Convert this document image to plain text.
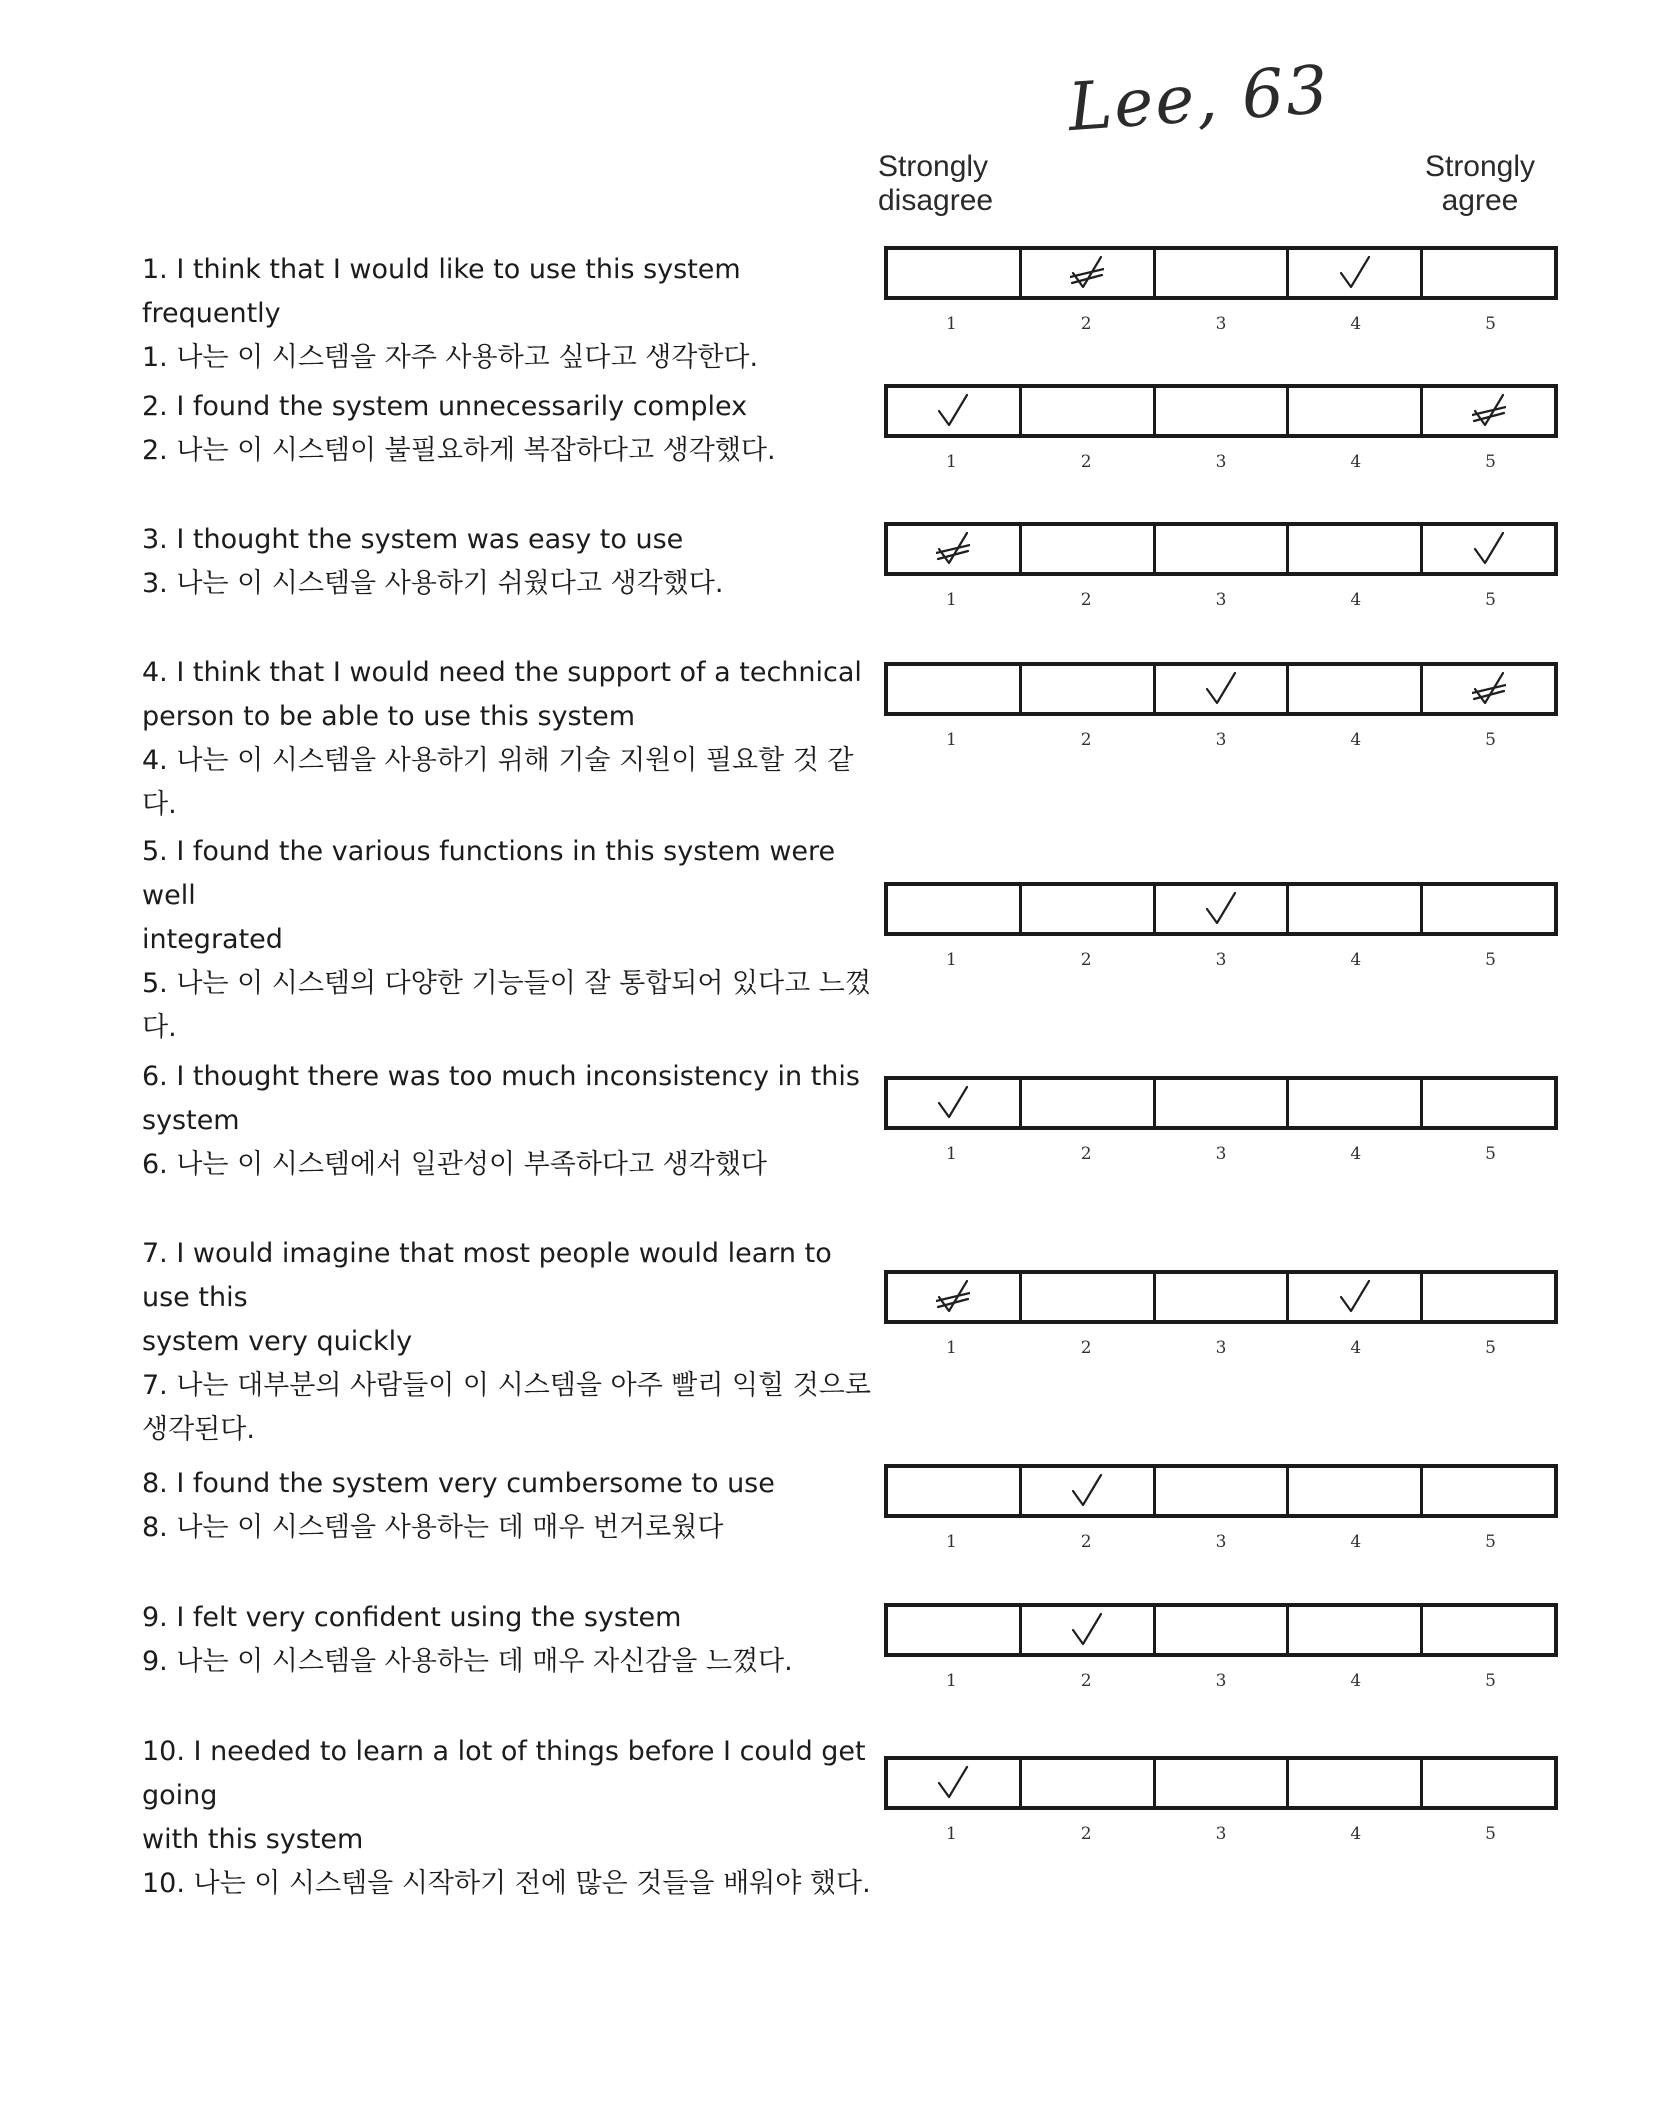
Strongly
disagree
Strongly
agree
Lee, 63
1. I think that I would like to use this system frequently
1. 나는 이 시스템을 자주 사용하고 싶다고 생각한다.
1	2	3	4	5
2. I found the system unnecessarily complex
2. 나는 이 시스템이 불필요하게 복잡하다고 생각했다.	1	2	3	4	5
3. I thought the system was easy to use
3. 나는 이 시스템을 사용하기 쉬웠다고 생각했다.
1	2	3	4	5
4. I think that I would need the support of a technical
person to be able to use this system
4. 나는 이 시스템을 사용하기 위해 기술 지원이 필요할 것 같다.
1	2	3	4	5
5. I found the various functions in this system were well
integrated
5. 나는 이 시스템의 다양한 기능들이 잘 통합되어 있다고 느꼈
다.
1	2	3	4	5
6. I thought there was too much inconsistency in this
system
6. 나는 이 시스템에서 일관성이 부족하다고 생각했다	1	2	3	4	5
7. I would imagine that most people would learn to use this
system very quickly
7. 나는 대부분의 사람들이 이 시스템을 아주 빨리 익힐 것으로
생각된다.
1	2	3	4	5
8. I found the system very cumbersome to use
8. 나는 이 시스템을 사용하는 데 매우 번거로웠다	1	2	3	4	5
9. I felt very confident using the system
9. 나는 이 시스템을 사용하는 데 매우 자신감을 느꼈다.
1	2	3	4	5
10. I needed to learn a lot of things before I could get going
with this system
10. 나는 이 시스템을 시작하기 전에 많은 것들을 배워야 했다.
1	2	3	4	5
